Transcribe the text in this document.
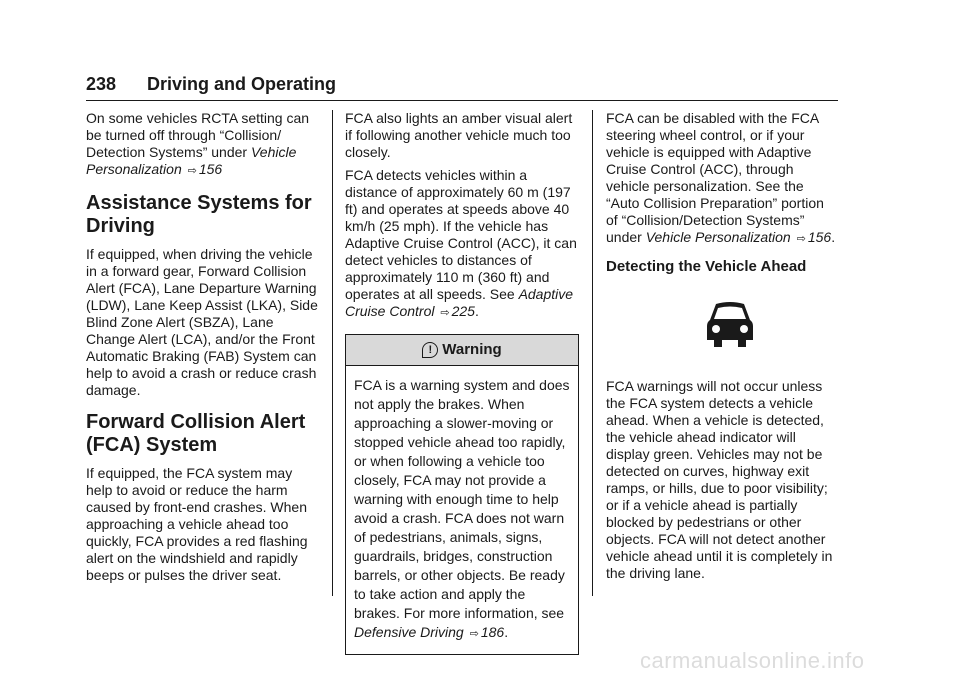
238 Driving and Operating

On some vehicles RCTA setting can be turned off through “Collision/ Detection Systems” under Vehicle Personalization ⇨ 156

Assistance Systems for Driving

If equipped, when driving the vehicle in a forward gear, Forward Collision Alert (FCA), Lane Departure Warning (LDW), Lane Keep Assist (LKA), Side Blind Zone Alert (SBZA), Lane Change Alert (LCA), and/or the Front Automatic Braking (FAB) System can help to avoid a crash or reduce crash damage.

Forward Collision Alert (FCA) System

If equipped, the FCA system may help to avoid or reduce the harm caused by front-end crashes. When approaching a vehicle ahead too quickly, FCA provides a red flashing alert on the windshield and rapidly beeps or pulses the driver seat.

FCA also lights an amber visual alert if following another vehicle much too closely.

FCA detects vehicles within a distance of approximately 60 m (197 ft) and operates at speeds above 40 km/h (25 mph). If the vehicle has Adaptive Cruise Control (ACC), it can detect vehicles to distances of approximately 110 m (360 ft) and operates at all speeds. See Adaptive Cruise Control ⇨ 225.

! Warning
FCA is a warning system and does not apply the brakes. When approaching a slower-moving or stopped vehicle ahead too rapidly, or when following a vehicle too closely, FCA may not provide a warning with enough time to help avoid a crash. FCA does not warn of pedestrians, animals, signs, guardrails, bridges, construction barrels, or other objects. Be ready to take action and apply the brakes. For more information, see Defensive Driving ⇨ 186.

FCA can be disabled with the FCA steering wheel control, or if your vehicle is equipped with Adaptive Cruise Control (ACC), through vehicle personalization. See the “Auto Collision Preparation” portion of “Collision/Detection Systems” under Vehicle Personalization ⇨ 156.

Detecting the Vehicle Ahead

FCA warnings will not occur unless the FCA system detects a vehicle ahead. When a vehicle is detected, the vehicle ahead indicator will display green. Vehicles may not be detected on curves, highway exit ramps, or hills, due to poor visibility; or if a vehicle ahead is partially blocked by pedestrians or other objects. FCA will not detect another vehicle ahead until it is completely in the driving lane.

carmanualsonline.info
